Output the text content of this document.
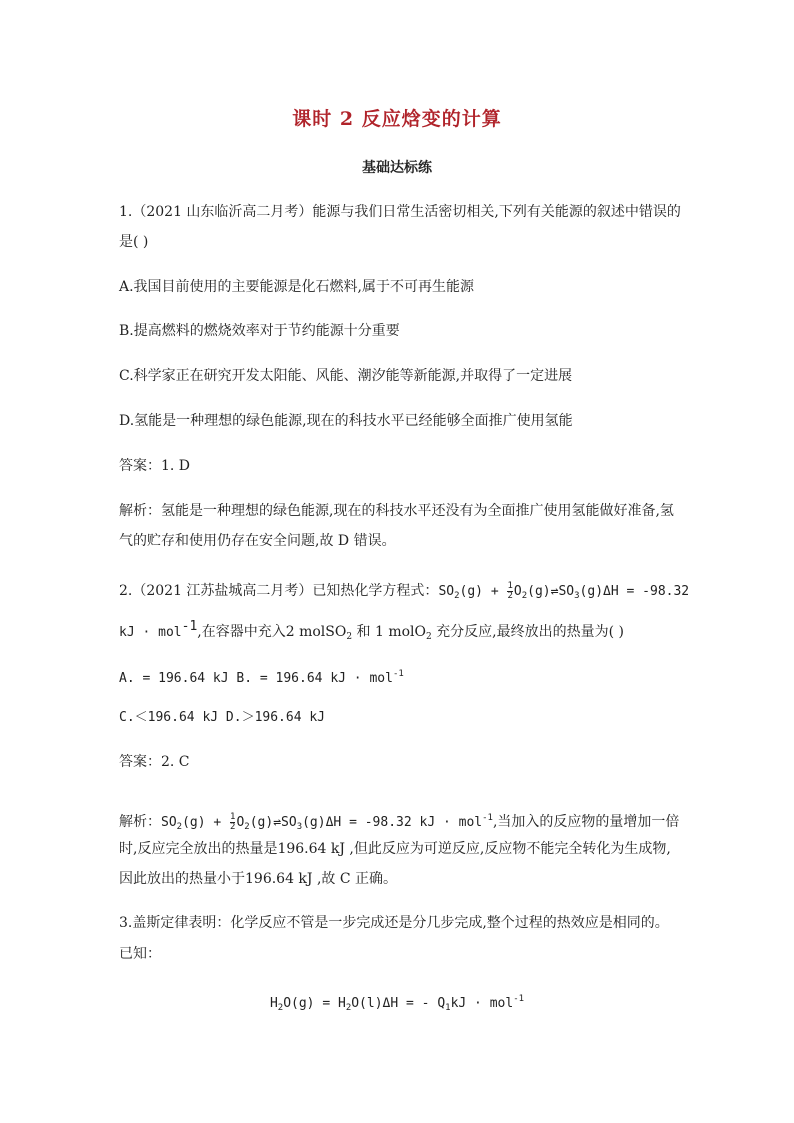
课时 2 反应焓变的计算
基础达标练
1.（2021 山东临沂高二月考）能源与我们日常生活密切相关,下列有关能源的叙述中错误的
是( )
A.我国目前使用的主要能源是化石燃料,属于不可再生能源
B.提高燃料的燃烧效率对于节约能源十分重要
C.科学家正在研究开发太阳能、风能、潮汐能等新能源,并取得了一定进展
D.氢能是一种理想的绿色能源,现在的科技水平已经能够全面推广使用氢能
答案：1. D
解析：氢能是一种理想的绿色能源,现在的科技水平还没有为全面推广使用氢能做好准备,氢
气的贮存和使用仍存在安全问题,故 D 错误。
2.（2021 江苏盐城高二月考）已知热化学方程式：$SO_2(g) + \frac{1}{2}$ $O_2(g)\rightleftharpoons SO_3(g)\Delta H = -98.32$
kJ · mol$^{-1}$,在容器中充入2 molSO$_2$ 和 1 molO$_2$ 充分反应,最终放出的热量为( )
A. = 196.64 kJ B. = 196.64 kJ · mol$^{-1}$
C.＜196.64 kJ D.＞196.64 kJ
答案：2. C
解析：$SO_2(g) + \frac{1}{2}$ $O_2(g)\rightleftharpoons SO_3(g)\Delta H = -98.32$ kJ · mol$^{-1}$,当加入的反应物的量增加一倍
时,反应完全放出的热量是196.64 kJ ,但此反应为可逆反应,反应物不能完全转化为生成物,
因此放出的热量小于196.64 kJ ,故 C 正确。
3.盖斯定律表明：化学反应不管是一步完成还是分几步完成,整个过程的热效应是相同的。
已知：
$H_2O(g) = H_2O(l)\Delta H$ = - $Q_1kJ \cdot mol^{-1}$
